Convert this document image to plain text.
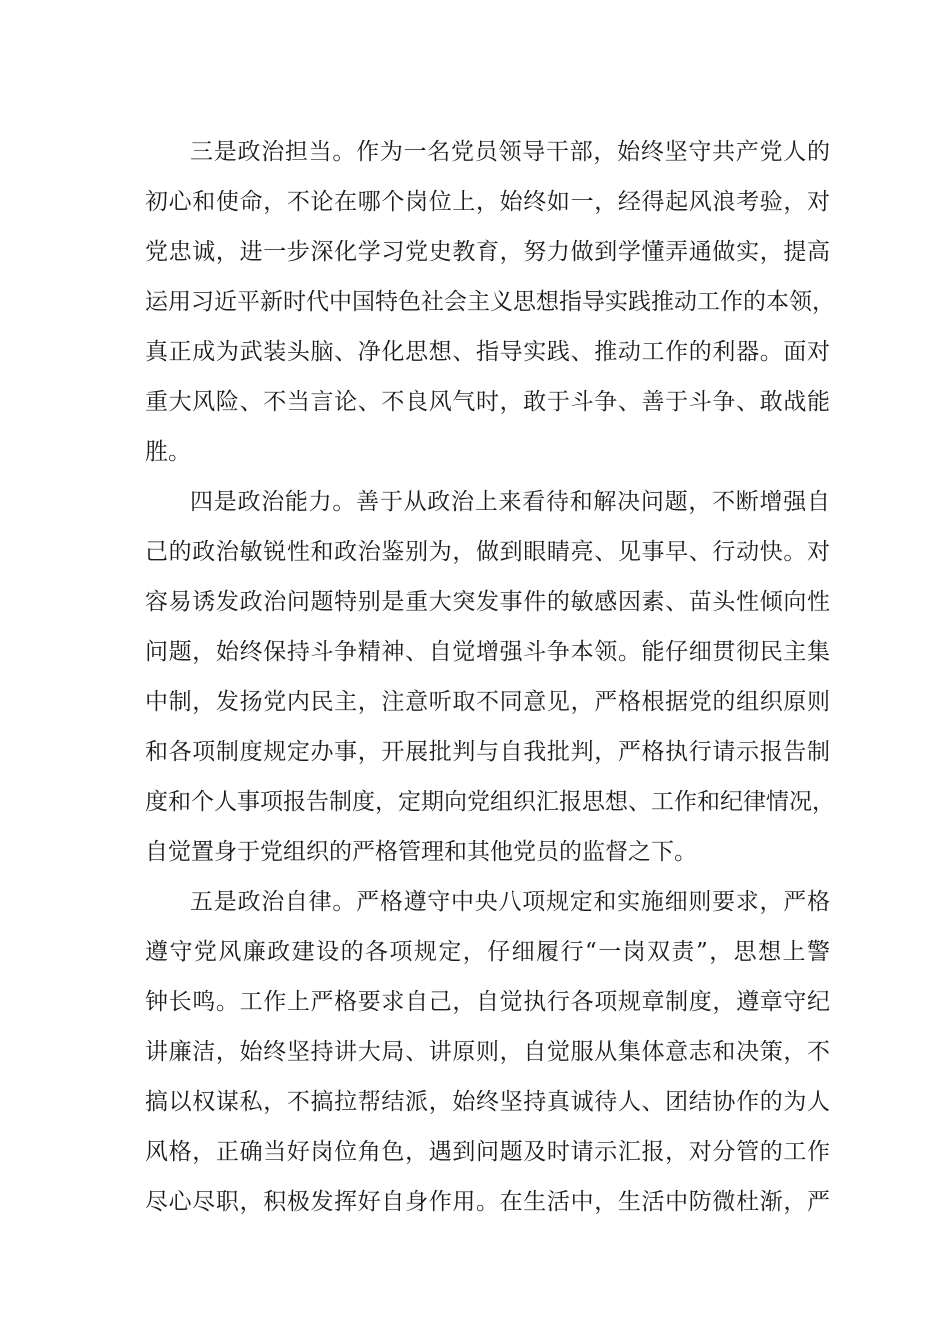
三是政治担当。作为一名党员领导干部，始终坚守共产党人的
初心和使命，不论在哪个岗位上，始终如一，经得起风浪考验，对
党忠诚，进一步深化学习党史教育，努力做到学懂弄通做实，提高
运用习近平新时代中国特色社会主义思想指导实践推动工作的本领，
真正成为武装头脑、净化思想、指导实践、推动工作的利器。面对
重大风险、不当言论、不良风气时，敢于斗争、善于斗争、敢战能
胜。
四是政治能力。善于从政治上来看待和解决问题，不断增强自
己的政治敏锐性和政治鉴别为，做到眼睛亮、见事早、行动快。对
容易诱发政治问题特别是重大突发事件的敏感因素、苗头性倾向性
问题，始终保持斗争精神、自觉增强斗争本领。能仔细贯彻民主集
中制，发扬党内民主，注意听取不同意见，严格根据党的组织原则
和各项制度规定办事，开展批判与自我批判，严格执行请示报告制
度和个人事项报告制度，定期向党组织汇报思想、工作和纪律情况，
自觉置身于党组织的严格管理和其他党员的监督之下。
五是政治自律。严格遵守中央八项规定和实施细则要求，严格
遵守党风廉政建设的各项规定，仔细履行“一岗双责”，思想上警
钟长鸣。工作上严格要求自己，自觉执行各项规章制度，遵章守纪
讲廉洁，始终坚持讲大局、讲原则，自觉服从集体意志和决策，不
搞以权谋私，不搞拉帮结派，始终坚持真诚待人、团结协作的为人
风格，正确当好岗位角色，遇到问题及时请示汇报，对分管的工作
尽心尽职，积极发挥好自身作用。在生活中，生活中防微杜渐，严
